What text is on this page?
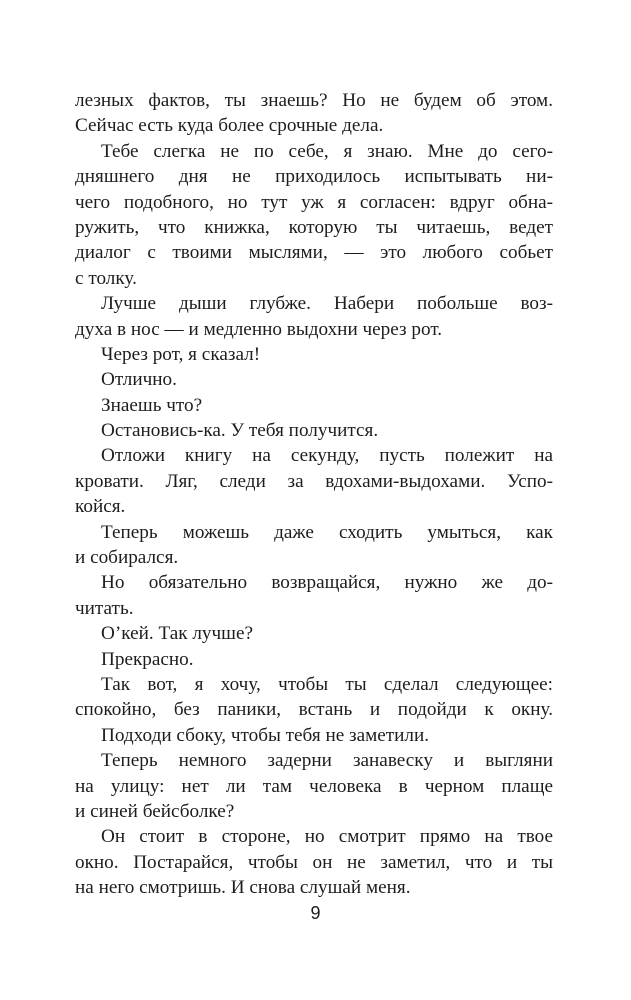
лезных фактов, ты знаешь? Но не будем об этом.
Сейчас есть куда более срочные дела.
Тебе слегка не по себе, я знаю. Мне до сего-
дняшнего дня не приходилось испытывать ни-
чего подобного, но тут уж я согласен: вдруг обна-
ружить, что книжка, которую ты читаешь, ведет
диалог с твоими мыслями, — это любого собьет
с толку.
Лучше дыши глубже. Набери побольше воз-
духа в нос — и медленно выдохни через рот.
Через рот, я сказал!
Отлично.
Знаешь что?
Остановись-ка. У тебя получится.
Отложи книгу на секунду, пусть полежит на
кровати. Ляг, следи за вдохами-выдохами. Успо-
койся.
Теперь можешь даже сходить умыться, как
и собирался.
Но обязательно возвращайся, нужно же до-
читать.
О’кей. Так лучше?
Прекрасно.
Так вот, я хочу, чтобы ты сделал следующее:
спокойно, без паники, встань и подойди к окну.
Подходи сбоку, чтобы тебя не заметили.
Теперь немного задерни занавеску и выгляни
на улицу: нет ли там человека в черном плаще
и синей бейсболке?
Он стоит в стороне, но смотрит прямо на твое
окно. Постарайся, чтобы он не заметил, что и ты
на него смотришь. И снова слушай меня.
9
